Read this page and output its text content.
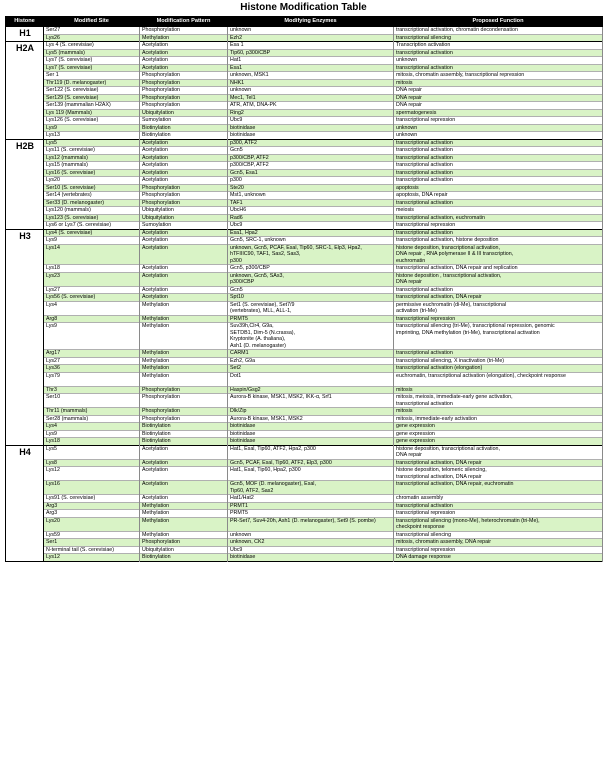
Histone Modification Table
Histone	Modified Site	Modification Pattern	Modifying Enzymes	Proposed Function
H1	Ser27	Phosphorylation	unknown	transcriptional activation, chromatin decondensation

	Lys26	Methylation	Ezh2	transcriptional silencing

H2A	Lys 4 (S. cerevisiae)	Acetylation	Esa 1	Transcription activation

	Lys5 (mammals)	Acetylation	Tip60, p300/CBP	transcriptional activation

	Lys7 (S. cerevisiae)	Acetylation	Hat1	unknown

	Lys7 (S. cerevisiae)	Acetylation	Esa1	transcriptional activation

	Ser 1	Phosphorylation	unknown, MSK1	mitosis, chromatin assembly, transcriptional repression

	Thr119 (D. melanogaster)	Phosphorylation	NHK1	mitosis

	Ser122 (S. cerevisiae)	Phosphorylation	unknown	DNA repair

	Ser129 (S. cerevisiae)	Phosphorylation	Mec1, Tel1	DNA repair

	Ser139 (mammalian H2AX)	Phosphorylation	ATR, ATM, DNA-PK	DNA repair

	Lys 119 (Mammals)	Ubiquitylation	Ring2	spermatogenesis

	Lys126 (S. cerevisiae)	Sumoylation	Ubc9	transcriptional repression

	Lys9	Biotinylation	biotinidase	unknown

	Lys13	Biotinylation	biotinidase	unknown

H2B	Lys5	Acetylation	p300, ATF2	transcriptional activation

	Lys11 (S. cerevisiae)	Acetylation	Gcn5	transcriptional activation

	Lys12 (mammals)	Acetylation	p300/CBP, ATF2	transcriptional activation

	Lys15 (mammals)	Acetylation	p300/CBP, ATF2	transcriptional activation

	Lys16 (S. cerevisiae)	Acetylation	Gcn5, Esa1	transcriptional activation

	Lys20	Acetylation	p300	transcriptional activation

	Ser10 (S. cerevisiae)	Phosphorylation	Ste20	apoptosis

	Ser14 (vertebrates)	Phosphorylation	Mst1, unknown	apoptosis, DNA repair

	Ser33 (D. melanogaster)	Phosphorylation	TAF1	transcriptional activation

	Lys120 (mammals)	Ubiquitylation	UbcH6	meiosis

	Lys123 (S. cerevisiae)	Ubiquitylation	Rad6	transcriptional activation, euchromatin

	Lys6 or Lys7 (S. cerevisiae)	Sumoylation	Ubc9	transcriptional repression

H3	Lys4 (S. cerevisiae)	Acetylation	Esa1, Hpa2	transcriptional activation

	Lys9	Acetylation	Gcn5, SRC-1, unknown	transcriptional activation, histone deposition

	Lys14	Acetylation	unknown, Gcn5, PCAF, Esal, Tip60, SRC-1, Elp3, Hpa2,
hTFIIIC90, TAF1, Sas2, Sas3,
p300	histone deposition, transcriptional activation,
DNA repair , RNA polymerase II & III transcription,
euchromatin

	Lys18	Acetylation	Gcn5, p300/CBP	transcriptional activation, DNA repair and replication

	Lys23	Acetylation	unknown, Gcn5, SAs3,
p300/CBP	histone deposition , transcriptional activation,
DNA repair

	Lys27	Acetylation	Gcn5	transcriptional activation

	Lys56 (S. cerevisiae)	Acetylation	Spt10	transcriptional activation, DNA repair

	Lys4	Methylation	Set1 (S. cerevisiae), Set7/9
(vertebrates), MLL, ALL-1,	permissive euchromatin (di-Me), transcriptional
activation (tri-Me)

	Arg8	Methylation	PRMT5	transcriptional repression

	Lys9	Methylation	Suv39h,Clr4, G9a,
SETDB1, Dim-5 (N.crassa),
Kryptonite (A. thaliana),
Ash1 (D. melanogaster)	transcriptional silencing (tri-Me), transcriptional repression, genomic
imprinting, DNA methylation (tri-Me), transcriptional activation

	Arg17	Methylation	CARM1	transcriptional activation

	Lys27	Methylation	Ezh2, G9a	transcriptional silencing, X inactivation (tri-Me)

	Lys36	Methylation	Set2	transcriptional activation (elongation)

	Lys79	Methylation	Dot1	euchromatin, transcriptional activation (elongation), checkpoint response

	Thr3	Phosphorylation	Haspin/Gsg2	mitosis

	Ser10	Phosphorylation	Aurora-B kinase, MSK1, MSK2, IKK-α, Srf1	mitosis, meiosis, immediate-early gene activation,
transcriptional activation

	Thr11 (mammals)	Phosphorylation	Dlk/Zip	mitosis

	Ser28 (mammals)	Phosphorylation	Aurora-B kinase, MSK1, MSK2	mitosis, immediate-early activation

	Lys4	Biotinylation	biotinidase	gene expression

	Lys9	Biotinylation	biotinidase	gene expression

	Lys18	Biotinylation	biotinidase	gene expression

H4	Lys5	Acetylation	Hat1, Esal, Tip60, ATF2, Hpa2, p300	histone deposition, transcriptional activation,
DNA repair

	Lys8	Acetylation	Gcn5, PCAF, Esal, Tip60, ATF2, Elp3, p300	transcriptional activation, DNA repair

	Lys12	Acetylation	Hat1, Esal, Tip60, Hpa2, p300	histone deposition, telomeric silencing,
transcriptional activation, DNA repair

	Lys16	Acetylation	Gcn5, MOF (D. melanogaster), Esal,
Tip60, ATF2, Sas2	transcriptional activation, DNA repair, euchromatin

	Lys91 (S. cerevisiae)	Acetylation	Hat1/Hat2	chromatin assembly

	Arg3	Methylation	PRMT1	transcriptional activation

	Arg3	Methylation	PRMT5	transcriptional repression

	Lys20	Methylation	PR-Set7, Suv4-20h, Ash1 (D. melanogaster), Set9 (S. pombe)	transcriptional silencing (mono-Me), heterochromatin (tri-Me),
checkpoint response

	Lys59	Methylation	unknown	transcriptional silencing

	Ser1	Phosphorylation	unknown, CK2	mitosis, chromatin assembly, DNA repair

	N-terminal tail (S. cerevisiae)	Ubiquitylation	Ubc9	transcriptional repression

	Lys12	Biotinylation	biotinidase	DNA damage response
